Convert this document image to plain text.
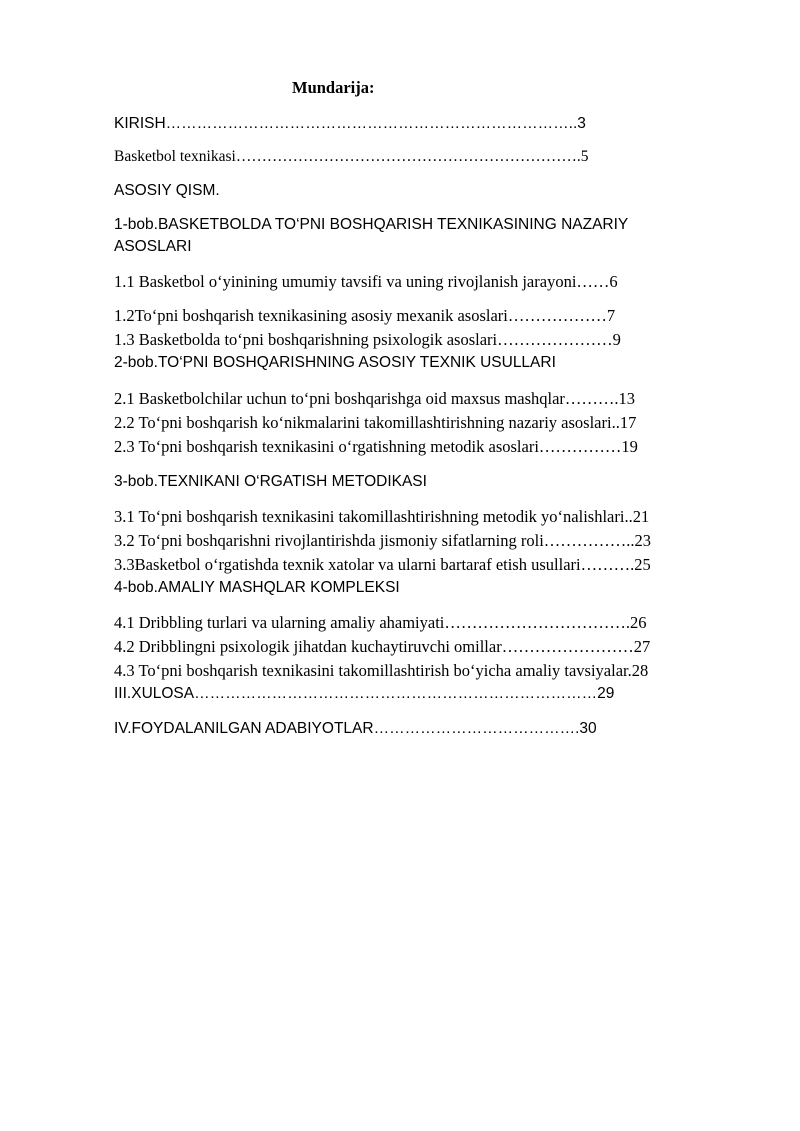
Mundarija:
KIRISH……………………………………………………………………..3
Basketbol texnikasi………………………………………………………….5
ASOSIY QISM.
1-bob.BASKETBOLDA TO‘PNI BOSHQARISH TEXNIKASINING NAZARIY
ASOSLARI
1.1 Basketbol o‘yinining umumiy tavsifi va uning rivojlanish jarayoni……6
1.2To‘pni boshqarish texnikasining asosiy mexanik asoslari………………7
1.3 Basketbolda to‘pni boshqarishning psixologik asoslari…………………9
2-bob.TO‘PNI BOSHQARISHNING ASOSIY TEXNIK USULLARI
2.1 Basketbolchilar uchun to‘pni boshqarishga oid maxsus mashqlar……….13
2.2 To‘pni boshqarish ko‘nikmalarini takomillashtirishning nazariy asoslari..17
2.3 To‘pni boshqarish texnikasini o‘rgatishning metodik asoslari……………19
3-bob.TEXNIKANI O‘RGATISH METODIKASI
3.1 To‘pni boshqarish texnikasini takomillashtirishning metodik yo‘nalishlari..21
3.2 To‘pni boshqarishni rivojlantirishda jismoniy sifatlarning roli……………..23
3.3Basketbol o‘rgatishda texnik xatolar va ularni bartaraf etish usullari……….25
4-bob.AMALIY MASHQLAR KOMPLEKSI
4.1 Dribbling turlari va ularning amaliy ahamiyati…………………………….26
4.2 Dribblingni psixologik jihatdan kuchaytiruvchi omillar……………………27
4.3 To‘pni boshqarish texnikasini takomillashtirish bo‘yicha amaliy tavsiyalar.28
III.XULOSA……………………………………………………………………29
IV.FOYDALANILGAN ADABIYOTLAR………………………………….30
